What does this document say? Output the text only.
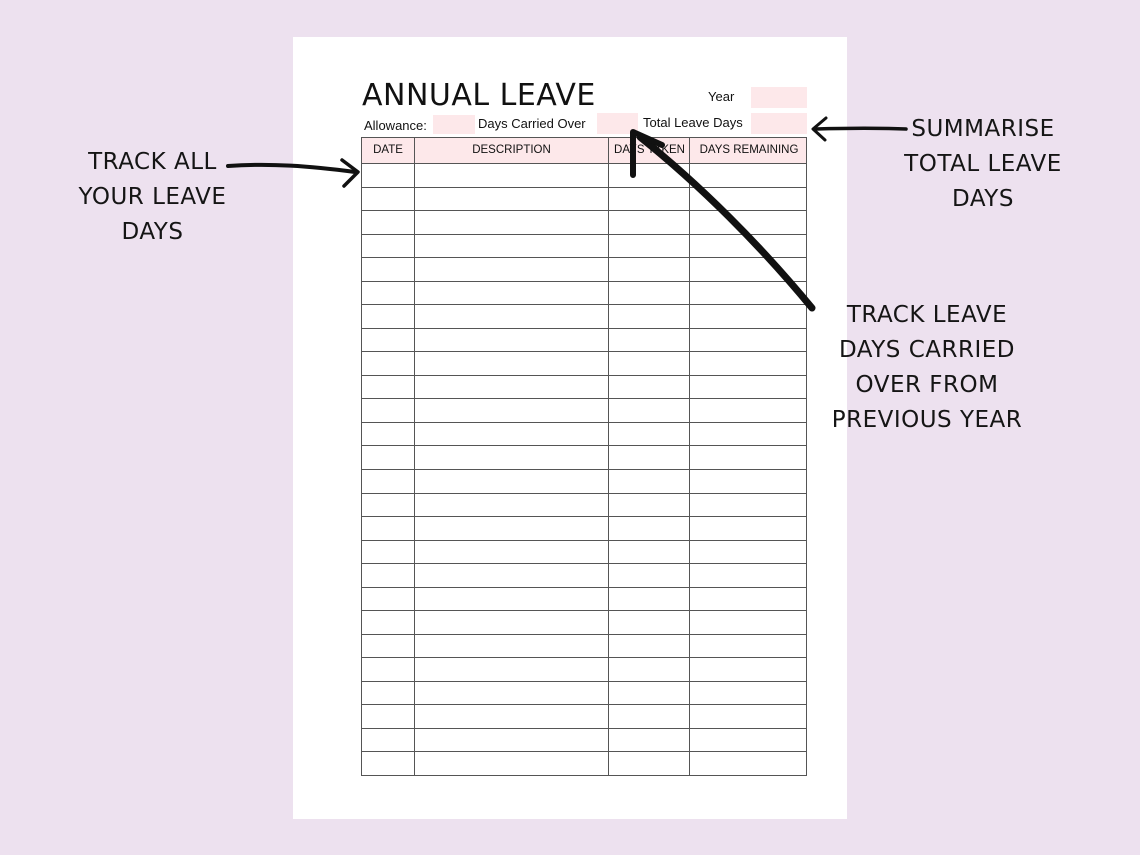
ANNUAL LEAVE	Year
Allowance:	Days Carried Over	Total Leave Days
DATE	DESCRIPTION	DAYS TAKEN	DAYS REMAINING
TRACK ALL
YOUR LEAVE
DAYS
SUMMARISE
TOTAL LEAVE
DAYS
TRACK LEAVE
DAYS CARRIED
OVER FROM
PREVIOUS YEAR
